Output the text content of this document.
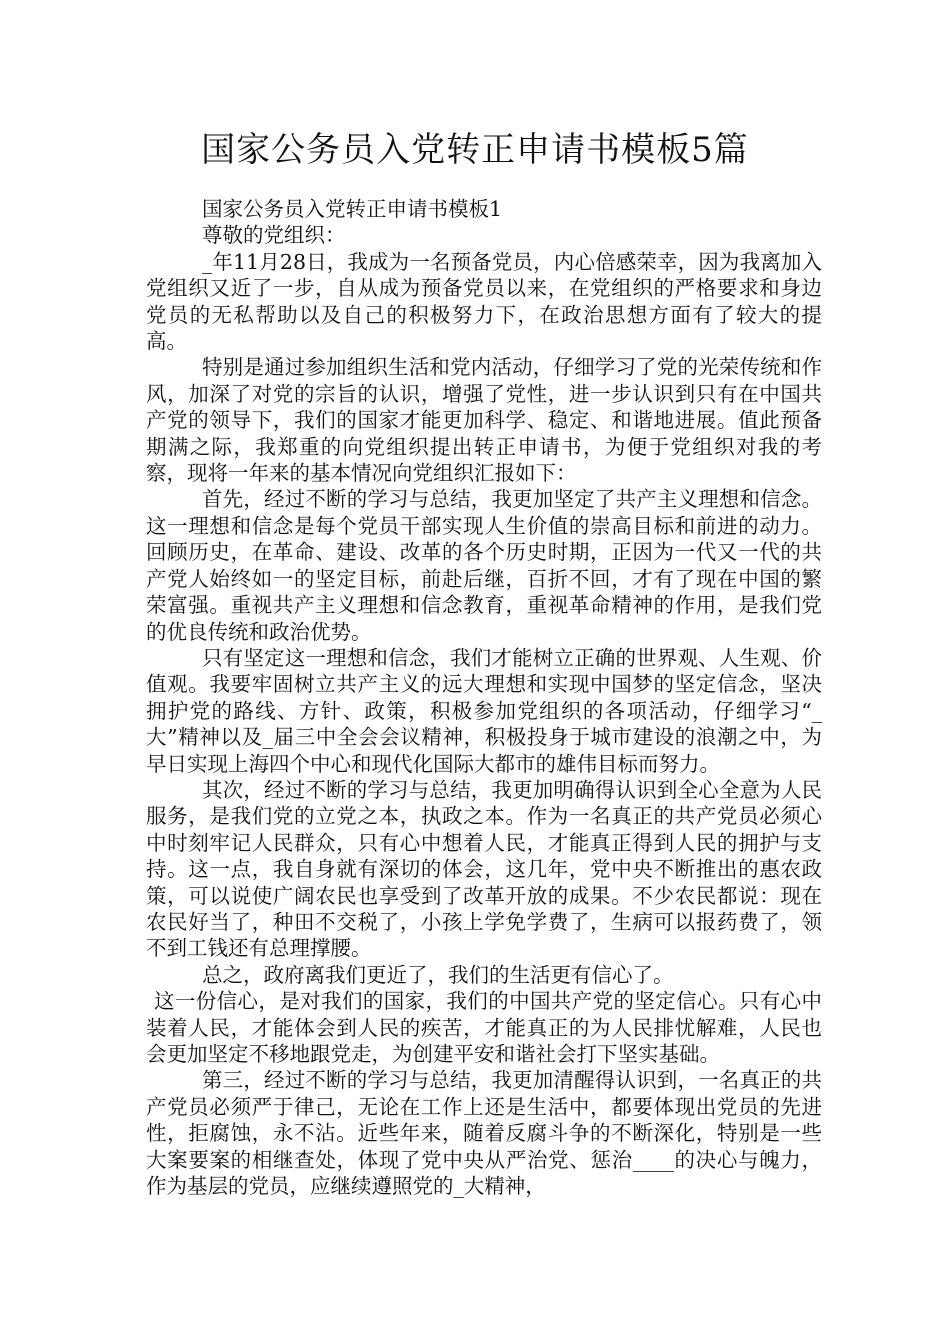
国家公务员入党转正申请书模板5篇

国家公务员入党转正申请书模板1

尊敬的党组织：

_年11月28日，我成为一名预备党员，内心倍感荣幸，因为我离加入党组织又近了一步，自从成为预备党员以来，在党组织的严格要求和身边党员的无私帮助以及自己的积极努力下，在政治思想方面有了较大的提高。

特别是通过参加组织生活和党内活动，仔细学习了党的光荣传统和作风，加深了对党的宗旨的认识，增强了党性，进一步认识到只有在中国共产党的领导下，我们的国家才能更加科学、稳定、和谐地进展。值此预备期满之际，我郑重的向党组织提出转正申请书，为便于党组织对我的考察，现将一年来的基本情况向党组织汇报如下：

首先，经过不断的学习与总结，我更加坚定了共产主义理想和信念。这一理想和信念是每个党员干部实现人生价值的崇高目标和前进的动力。回顾历史，在革命、建设、改革的各个历史时期，正因为一代又一代的共产党人始终如一的坚定目标，前赴后继，百折不回，才有了现在中国的繁荣富强。重视共产主义理想和信念教育，重视革命精神的作用，是我们党的优良传统和政治优势。

只有坚定这一理想和信念，我们才能树立正确的世界观、人生观、价值观。我要牢固树立共产主义的远大理想和实现中国梦的坚定信念，坚决拥护党的路线、方针、政策，积极参加党组织的各项活动，仔细学习“_大”精神以及_届三中全会会议精神，积极投身于城市建设的浪潮之中，为早日实现上海四个中心和现代化国际大都市的雄伟目标而努力。

其次，经过不断的学习与总结，我更加明确得认识到全心全意为人民服务，是我们党的立党之本，执政之本。作为一名真正的共产党员必须心中时刻牢记人民群众，只有心中想着人民，才能真正得到人民的拥护与支持。这一点，我自身就有深切的体会，这几年，党中央不断推出的惠农政策，可以说使广阔农民也享受到了改革开放的成果。不少农民都说：现在农民好当了，种田不交税了，小孩上学免学费了，生病可以报药费了，领不到工钱还有总理撑腰。

总之，政府离我们更近了，我们的生活更有信心了。

这一份信心，是对我们的国家，我们的中国共产党的坚定信心。只有心中装着人民，才能体会到人民的疾苦，才能真正的为人民排忧解难，人民也会更加坚定不移地跟党走，为创建平安和谐社会打下坚实基础。

第三，经过不断的学习与总结，我更加清醒得认识到，一名真正的共产党员必须严于律己，无论在工作上还是生活中，都要体现出党员的先进性，拒腐蚀，永不沾。近些年来，随着反腐斗争的不断深化，特别是一些大案要案的相继查处，体现了党中央从严治党、惩治____的决心与魄力，作为基层的党员，应继续遵照党的_大精神，
